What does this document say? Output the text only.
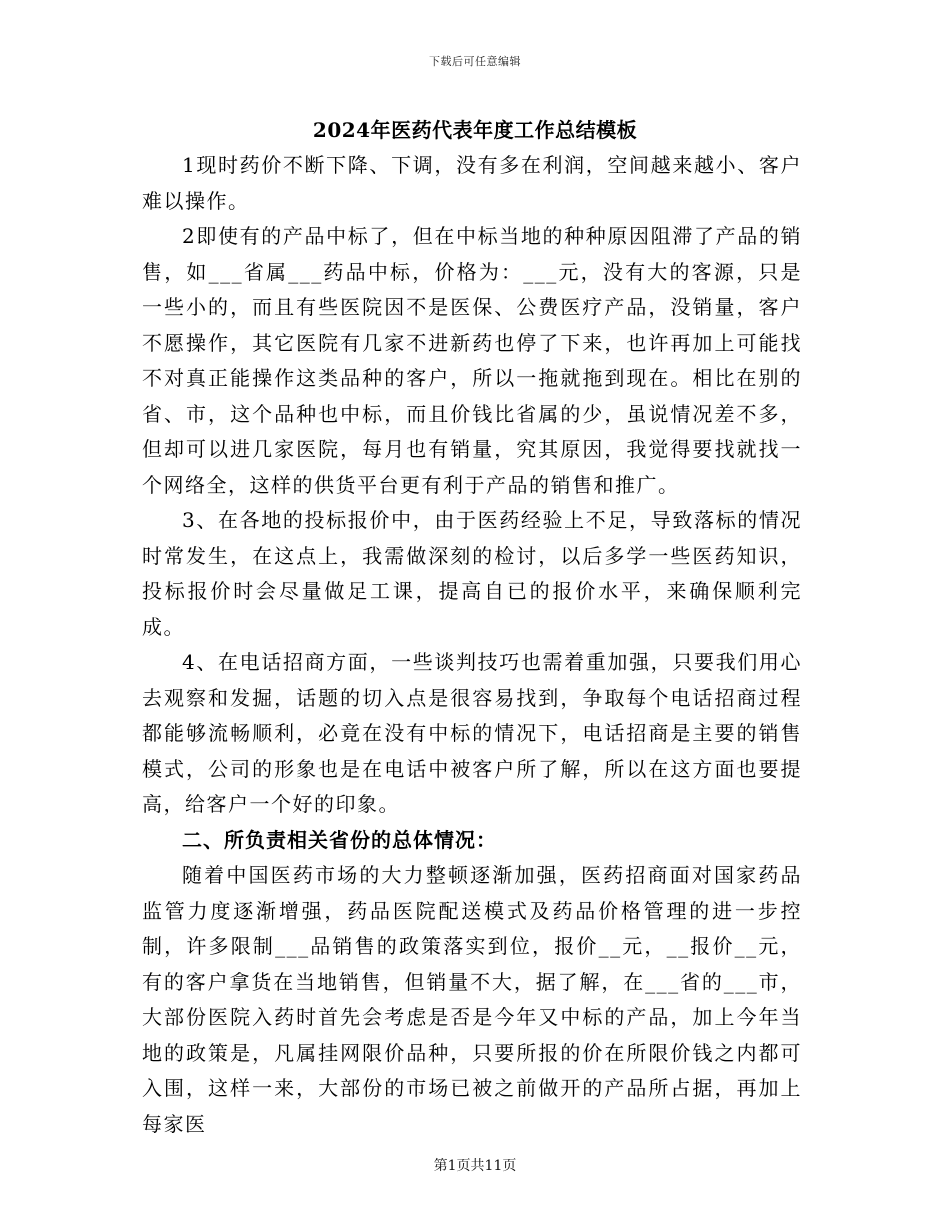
下载后可任意编辑
2024年医药代表年度工作总结模板

1现时药价不断下降、下调，没有多在利润，空间越来越小、客户难以操作。

2即使有的产品中标了，但在中标当地的种种原因阻滞了产品的销售，如___省属___药品中标，价格为：___元，没有大的客源，只是一些小的，而且有些医院因不是医保、公费医疗产品，没销量，客户不愿操作，其它医院有几家不进新药也停了下来，也许再加上可能找不对真正能操作这类品种的客户，所以一拖就拖到现在。相比在别的省、市，这个品种也中标，而且价钱比省属的少，虽说情况差不多，但却可以进几家医院，每月也有销量，究其原因，我觉得要找就找一个网络全，这样的供货平台更有利于产品的销售和推广。

3、在各地的投标报价中，由于医药经验上不足，导致落标的情况时常发生，在这点上，我需做深刻的检讨，以后多学一些医药知识，投标报价时会尽量做足工课，提高自已的报价水平，来确保顺利完成。

4、在电话招商方面，一些谈判技巧也需着重加强，只要我们用心去观察和发掘，话题的切入点是很容易找到，争取每个电话招商过程都能够流畅顺利，必竟在没有中标的情况下，电话招商是主要的销售模式，公司的形象也是在电话中被客户所了解，所以在这方面也要提高，给客户一个好的印象。

二、所负责相关省份的总体情况：

随着中国医药市场的大力整顿逐渐加强，医药招商面对国家药品监管力度逐渐增强，药品医院配送模式及药品价格管理的进一步控制，许多限制___品销售的政策落实到位，报价__元，__报价__元，有的客户拿货在当地销售，但销量不大，据了解，在___省的___市，大部份医院入药时首先会考虑是否是今年又中标的产品，加上今年当地的政策是，凡属挂网限价品种，只要所报的价在所限价钱之内都可入围，这样一来，大部份的市场已被之前做开的产品所占据，再加上每家医

第1页共11页
